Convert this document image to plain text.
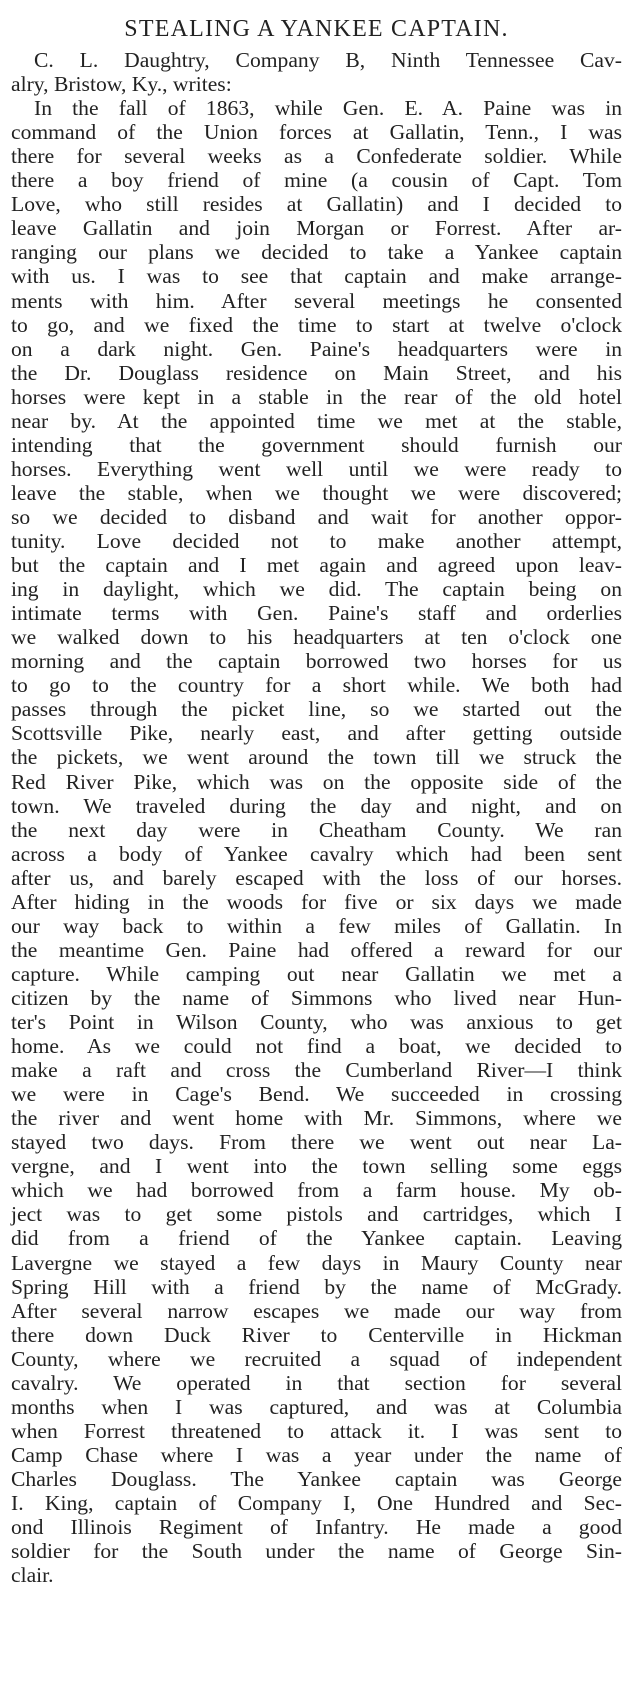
STEALING A YANKEE CAPTAIN.
C. L. Daughtry, Company B, Ninth Tennessee Cav-
alry, Bristow, Ky., writes:
In the fall of 1863, while Gen. E. A. Paine was in
command of the Union forces at Gallatin, Tenn., I was
there for several weeks as a Confederate soldier. While
there a boy friend of mine (a cousin of Capt. Tom
Love, who still resides at Gallatin) and I decided to
leave Gallatin and join Morgan or Forrest. After ar-
ranging our plans we decided to take a Yankee captain
with us. I was to see that captain and make arrange-
ments with him. After several meetings he consented
to go, and we fixed the time to start at twelve o'clock
on a dark night. Gen. Paine's headquarters were in
the Dr. Douglass residence on Main Street, and his
horses were kept in a stable in the rear of the old hotel
near by. At the appointed time we met at the stable,
intending that the government should furnish our
horses. Everything went well until we were ready to
leave the stable, when we thought we were discovered;
so we decided to disband and wait for another oppor-
tunity. Love decided not to make another attempt,
but the captain and I met again and agreed upon leav-
ing in daylight, which we did. The captain being on
intimate terms with Gen. Paine's staff and orderlies
we walked down to his headquarters at ten o'clock one
morning and the captain borrowed two horses for us
to go to the country for a short while. We both had
passes through the picket line, so we started out the
Scottsville Pike, nearly east, and after getting outside
the pickets, we went around the town till we struck the
Red River Pike, which was on the opposite side of the
town. We traveled during the day and night, and on
the next day were in Cheatham County. We ran
across a body of Yankee cavalry which had been sent
after us, and barely escaped with the loss of our horses.
After hiding in the woods for five or six days we made
our way back to within a few miles of Gallatin. In
the meantime Gen. Paine had offered a reward for our
capture. While camping out near Gallatin we met a
citizen by the name of Simmons who lived near Hun-
ter's Point in Wilson County, who was anxious to get
home. As we could not find a boat, we decided to
make a raft and cross the Cumberland River—I think
we were in Cage's Bend. We succeeded in crossing
the river and went home with Mr. Simmons, where we
stayed two days. From there we went out near La-
vergne, and I went into the town selling some eggs
which we had borrowed from a farm house. My ob-
ject was to get some pistols and cartridges, which I
did from a friend of the Yankee captain. Leaving
Lavergne we stayed a few days in Maury County near
Spring Hill with a friend by the name of McGrady.
After several narrow escapes we made our way from
there down Duck River to Centerville in Hickman
County, where we recruited a squad of independent
cavalry. We operated in that section for several
months when I was captured, and was at Columbia
when Forrest threatened to attack it. I was sent to
Camp Chase where I was a year under the name of
Charles Douglass. The Yankee captain was George
I. King, captain of Company I, One Hundred and Sec-
ond Illinois Regiment of Infantry. He made a good
soldier for the South under the name of George Sin-
clair.
